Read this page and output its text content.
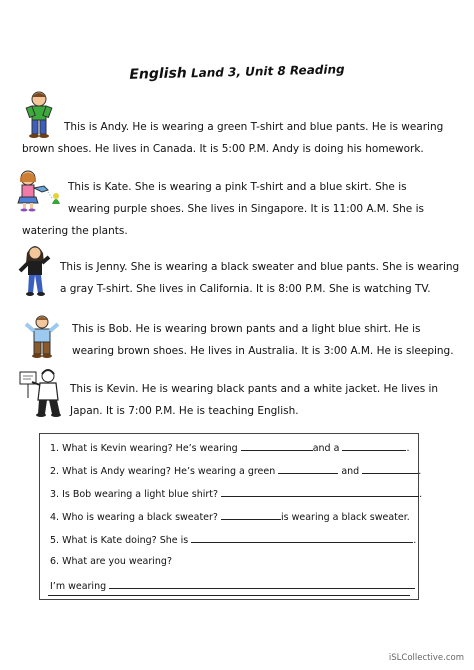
English Land 3, Unit 8 Reading
This is Andy. He is wearing a green T-shirt and blue pants. He is wearing
brown shoes. He lives in Canada. It is 5:00 P.M. Andy is doing his homework.
This is Kate. She is wearing a pink T-shirt and a blue skirt. She is
wearing purple shoes. She lives in Singapore. It is 11:00 A.M. She is
watering the plants.
This is Jenny. She is wearing a black sweater and blue pants. She is wearing
a gray T-shirt. She lives in California. It is 8:00 P.M. She is watching TV.
This is Bob. He is wearing brown pants and a light blue shirt. He is
wearing brown shoes. He lives in Australia. It is 3:00 A.M. He is sleeping.
This is Kevin. He is wearing black pants and a white jacket. He lives in
Japan. It is 7:00 P.M. He is teaching English.
1. What is Kevin wearing? He’s wearing	and a	.
2. What is Andy wearing? He’s wearing a green	and	.
3. Is Bob wearing a light blue shirt?	.
4. Who is wearing a black sweater?	is wearing a black sweater.
5. What is Kate doing? She is	.
6. What are you wearing?
I’m wearing
iSLCollective.com
